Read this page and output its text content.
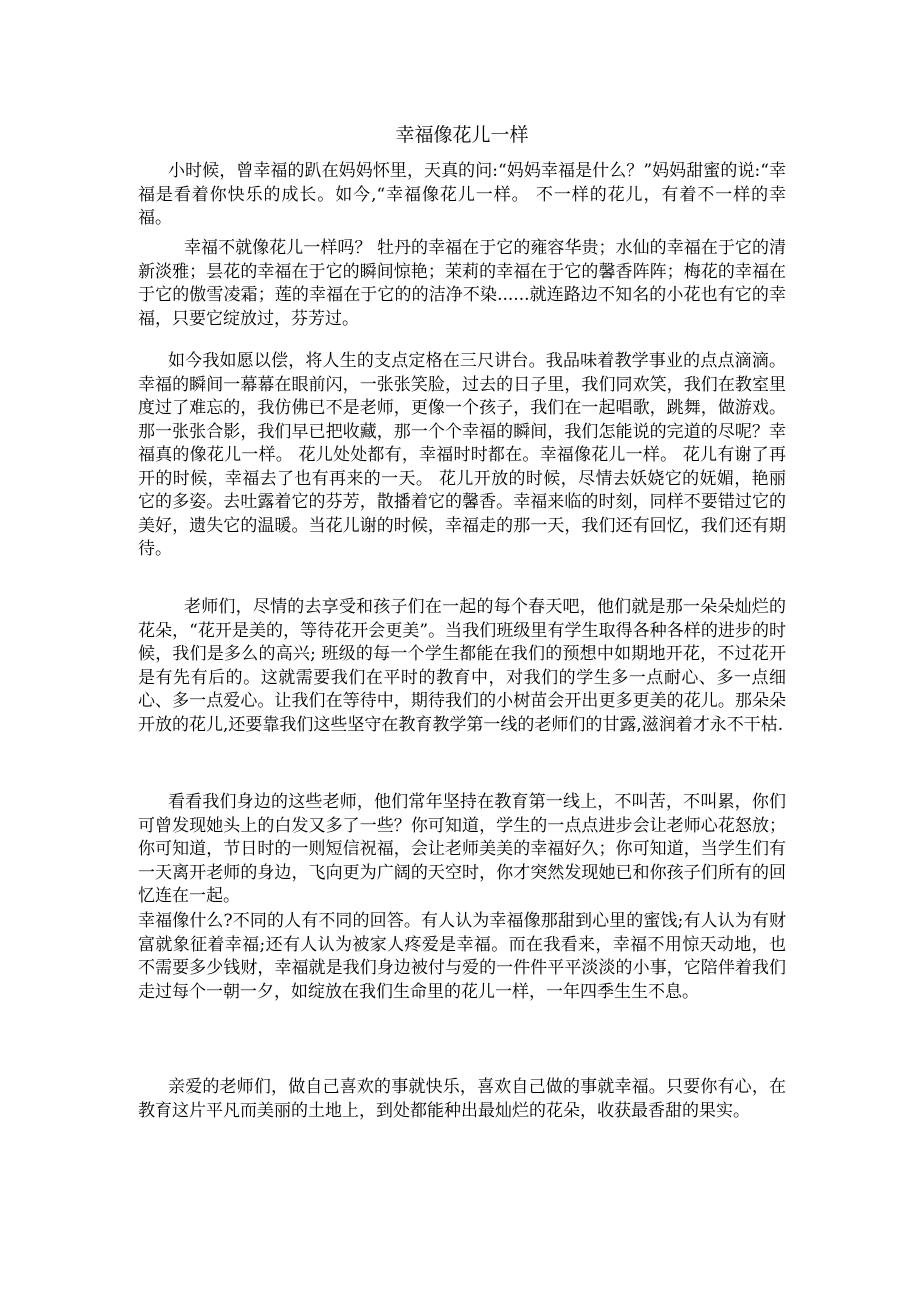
幸福像花儿一样

小时候，曾幸福的趴在妈妈怀里，天真的问:“妈妈幸福是什么？”妈妈甜蜜的说:“幸福是看着你快乐的成长。如今,“幸福像花儿一样。 不一样的花儿，有着不一样的幸福。

幸福不就像花儿一样吗？ 牡丹的幸福在于它的雍容华贵；水仙的幸福在于它的清新淡雅；昙花的幸福在于它的瞬间惊艳；茉莉的幸福在于它的馨香阵阵；梅花的幸福在于它的傲雪凌霜；莲的幸福在于它的的洁净不染......就连路边不知名的小花也有它的幸福，只要它绽放过，芬芳过。

如今我如愿以偿，将人生的支点定格在三尺讲台。我品味着教学事业的点点滴滴。幸福的瞬间一幕幕在眼前闪，一张张笑脸，过去的日子里，我们同欢笑，我们在教室里度过了难忘的，我仿佛已不是老师，更像一个孩子，我们在一起唱歌，跳舞，做游戏。那一张张合影，我们早已把收藏，那一个个幸福的瞬间，我们怎能说的完道的尽呢？幸福真的像花儿一样。 花儿处处都有，幸福时时都在。幸福像花儿一样。 花儿有谢了再开的时候，幸福去了也有再来的一天。 花儿开放的时候，尽情去妖娆它的妩媚，艳丽它的多姿。去吐露着它的芬芳，散播着它的馨香。幸福来临的时刻，同样不要错过它的美好，遗失它的温暖。当花儿谢的时候，幸福走的那一天，我们还有回忆，我们还有期待。

老师们，尽情的去享受和孩子们在一起的每个春天吧，他们就是那一朵朵灿烂的花朵，“花开是美的，等待花开会更美”。当我们班级里有学生取得各种各样的进步的时候，我们是多么的高兴; 班级的每一个学生都能在我们的预想中如期地开花，不过花开是有先有后的。这就需要我们在平时的教育中，对我们的学生多一点耐心、多一点细心、多一点爱心。让我们在等待中，期待我们的小树苗会开出更多更美的花儿。那朵朵开放的花儿,还要靠我们这些坚守在教育教学第一线的老师们的甘露,滋润着才永不干枯.

看看我们身边的这些老师，他们常年坚持在教育第一线上，不叫苦，不叫累，你们可曾发现她头上的白发又多了一些？你可知道，学生的一点点进步会让老师心花怒放；你可知道，节日时的一则短信祝福，会让老师美美的幸福好久；你可知道，当学生们有一天离开老师的身边，飞向更为广阔的天空时，你才突然发现她已和你孩子们所有的回忆连在一起。

幸福像什么?不同的人有不同的回答。有人认为幸福像那甜到心里的蜜饯;有人认为有财富就象征着幸福;还有人认为被家人疼爱是幸福。而在我看来，幸福不用惊天动地，也不需要多少钱财，幸福就是我们身边被付与爱的一件件平平淡淡的小事，它陪伴着我们走过每个一朝一夕，如绽放在我们生命里的花儿一样，一年四季生生不息。

亲爱的老师们，做自己喜欢的事就快乐，喜欢自己做的事就幸福。只要你有心，在教育这片平凡而美丽的土地上，到处都能种出最灿烂的花朵，收获最香甜的果实。
